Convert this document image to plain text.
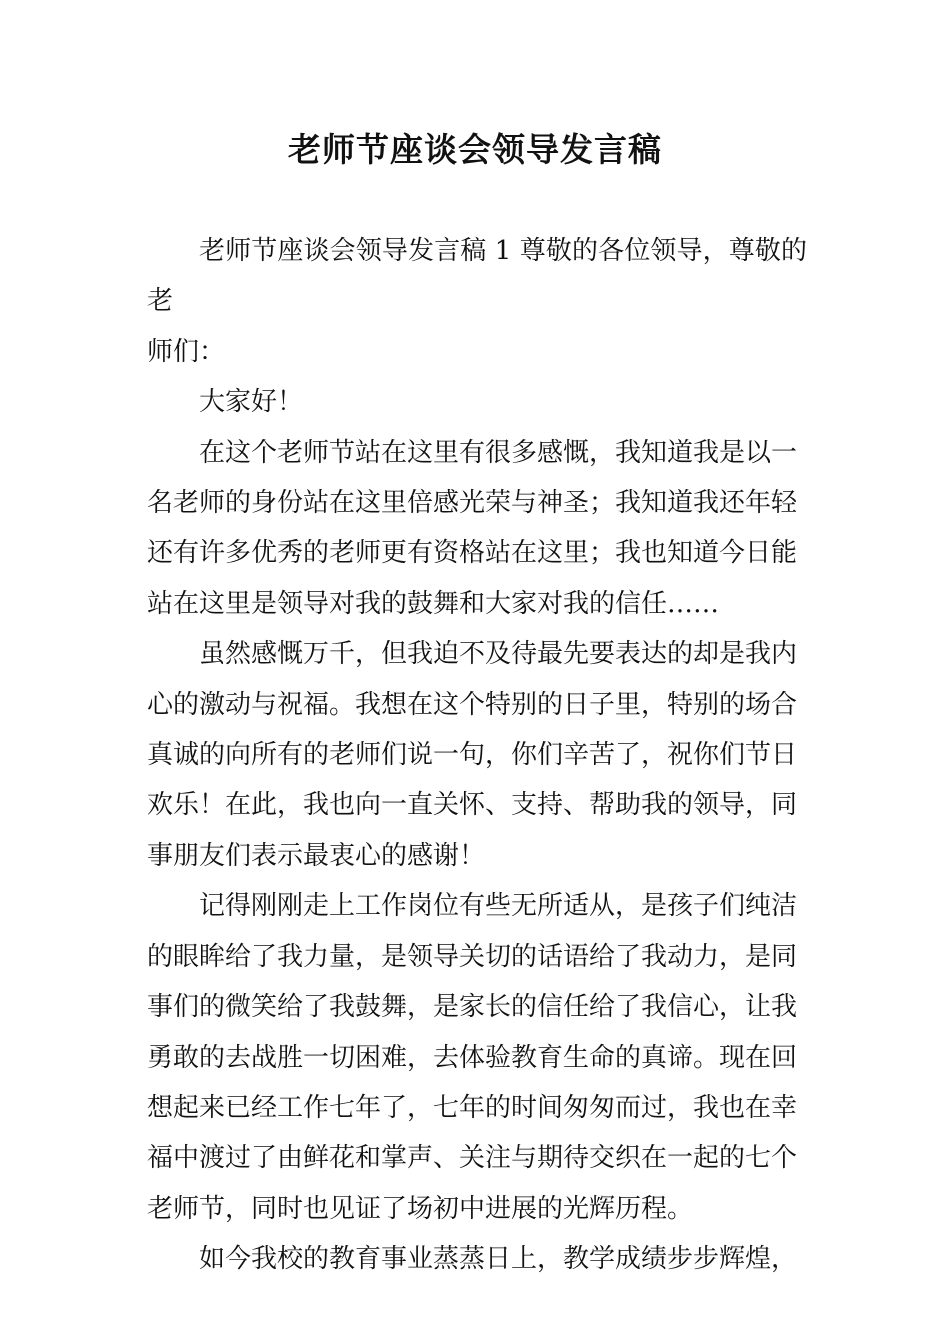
老师节座谈会领导发言稿

老师节座谈会领导发言稿 1 尊敬的各位领导，尊敬的老
师们：

大家好！

在这个老师节站在这里有很多感慨，我知道我是以一
名老师的身份站在这里倍感光荣与神圣；我知道我还年轻
还有许多优秀的老师更有资格站在这里；我也知道今日能
站在这里是领导对我的鼓舞和大家对我的信任……

虽然感慨万千，但我迫不及待最先要表达的却是我内
心的激动与祝福。我想在这个特别的日子里，特别的场合
真诚的向所有的老师们说一句，你们辛苦了，祝你们节日
欢乐！在此，我也向一直关怀、支持、帮助我的领导，同
事朋友们表示最衷心的感谢！

记得刚刚走上工作岗位有些无所适从，是孩子们纯洁
的眼眸给了我力量，是领导关切的话语给了我动力，是同
事们的微笑给了我鼓舞，是家长的信任给了我信心，让我
勇敢的去战胜一切困难，去体验教育生命的真谛。现在回
想起来已经工作七年了，七年的时间匆匆而过，我也在幸
福中渡过了由鲜花和掌声、关注与期待交织在一起的七个
老师节，同时也见证了场初中进展的光辉历程。

如今我校的教育事业蒸蒸日上，教学成绩步步辉煌，
